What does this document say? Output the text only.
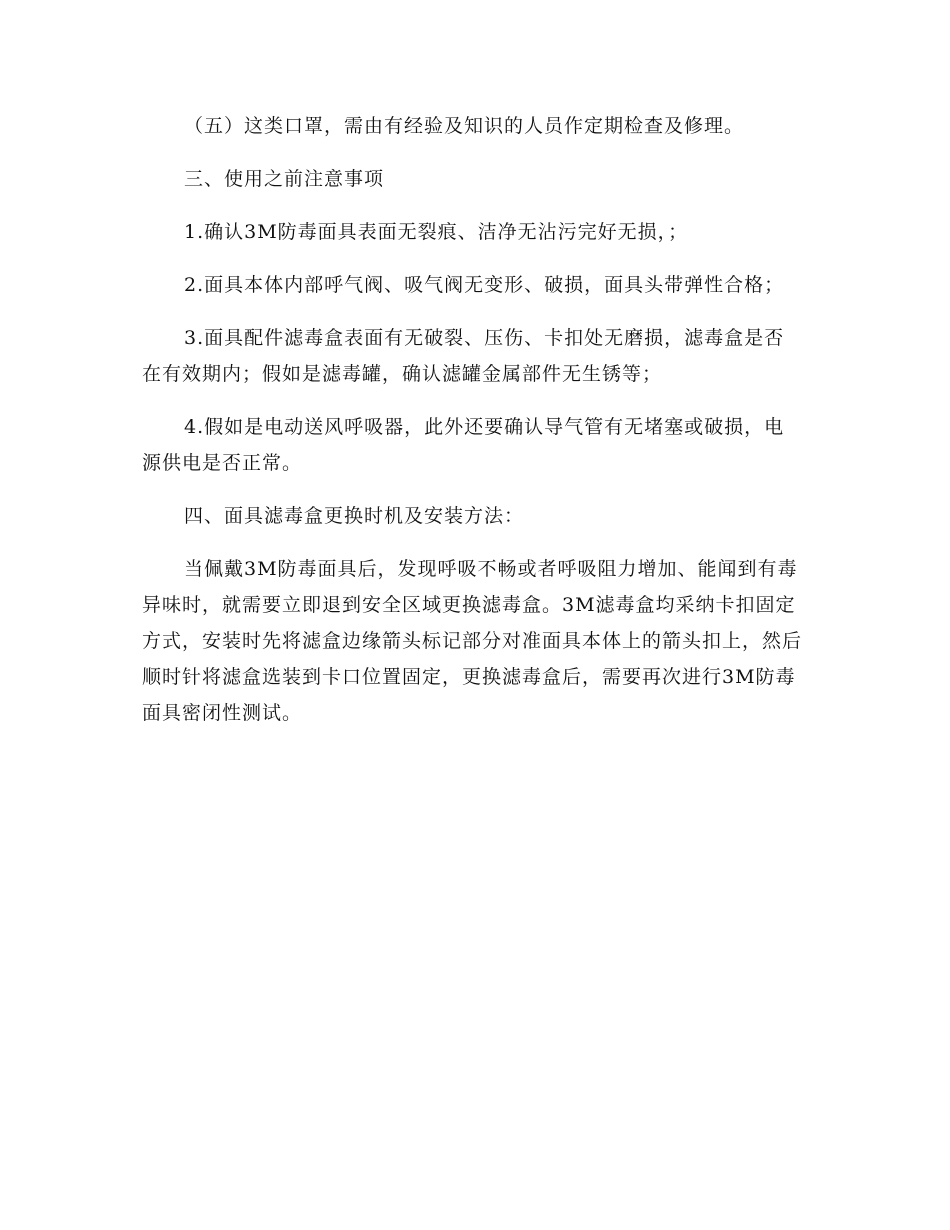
（五）这类口罩，需由有经验及知识的人员作定期检查及修理。

三、使用之前注意事项

1.确认3M防毒面具表面无裂痕、洁净无沾污完好无损，；

2.面具本体内部呼气阀、吸气阀无变形、破损，面具头带弹性合格；

3.面具配件滤毒盒表面有无破裂、压伤、卡扣处无磨损，滤毒盒是否在有效期内；假如是滤毒罐，确认滤罐金属部件无生锈等；

4.假如是电动送风呼吸器，此外还要确认导气管有无堵塞或破损，电源供电是否正常。

四、面具滤毒盒更换时机及安装方法：

当佩戴3M防毒面具后，发现呼吸不畅或者呼吸阻力增加、能闻到有毒异味时，就需要立即退到安全区域更换滤毒盒。3M滤毒盒均采纳卡扣固定方式，安装时先将滤盒边缘箭头标记部分对准面具本体上的箭头扣上，然后顺时针将滤盒选装到卡口位置固定，更换滤毒盒后，需要再次进行3M防毒面具密闭性测试。
